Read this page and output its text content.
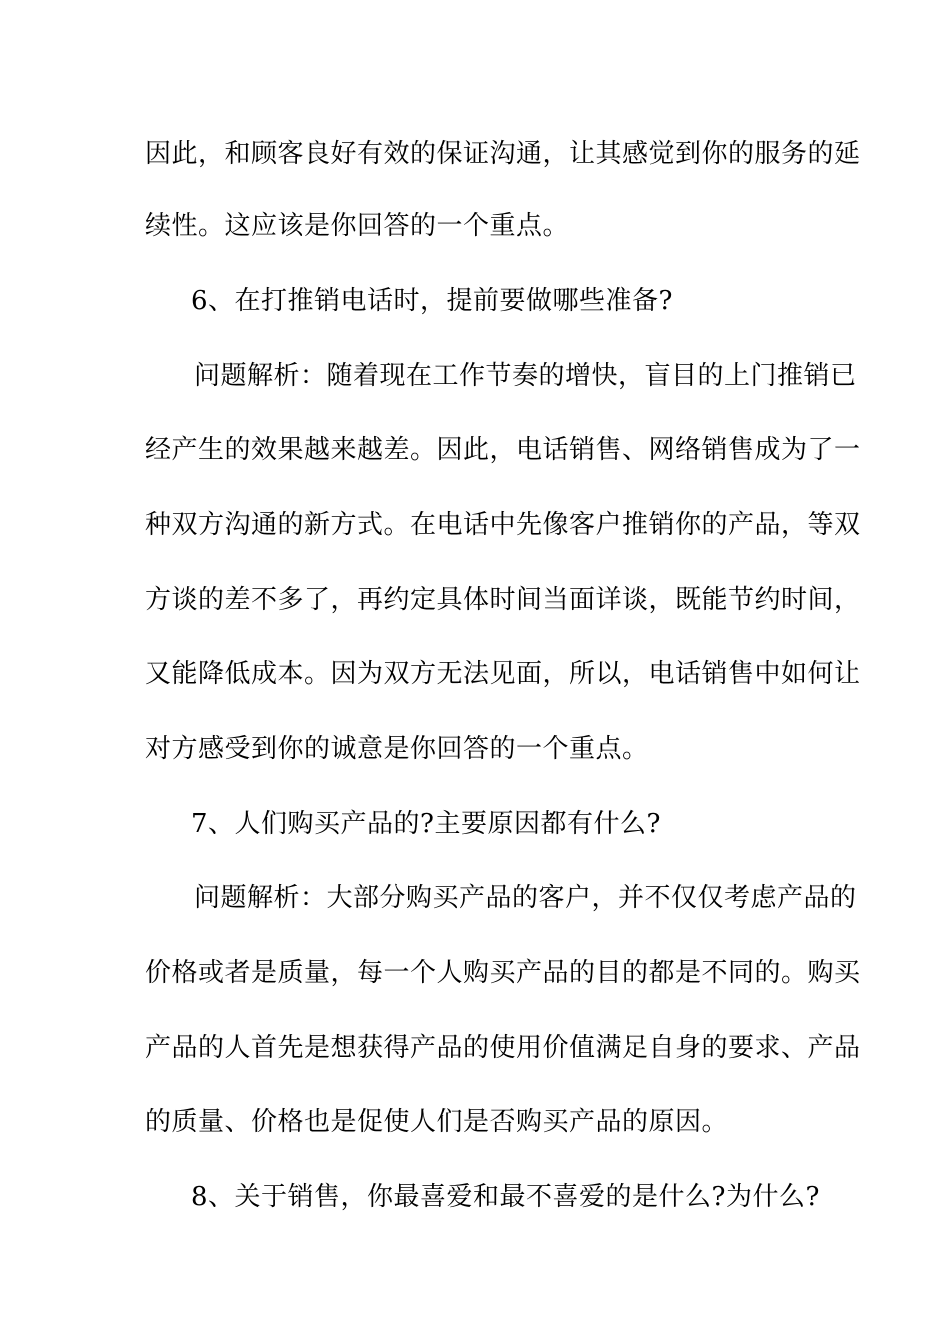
因此，和顾客良好有效的保证沟通，让其感觉到你的服务的延

续性。这应该是你回答的一个重点。

6、在打推销电话时，提前要做哪些准备?

问题解析：随着现在工作节奏的增快，盲目的上门推销已

经产生的效果越来越差。因此，电话销售、网络销售成为了一

种双方沟通的新方式。在电话中先像客户推销你的产品，等双

方谈的差不多了，再约定具体时间当面详谈，既能节约时间，

又能降低成本。因为双方无法见面，所以，电话销售中如何让

对方感受到你的诚意是你回答的一个重点。

7、人们购买产品的?主要原因都有什么?

问题解析：大部分购买产品的客户，并不仅仅考虑产品的

价格或者是质量，每一个人购买产品的目的都是不同的。购买

产品的人首先是想获得产品的使用价值满足自身的要求、产品

的质量、价格也是促使人们是否购买产品的原因。

8、关于销售，你最喜爱和最不喜爱的是什么?为什么?
